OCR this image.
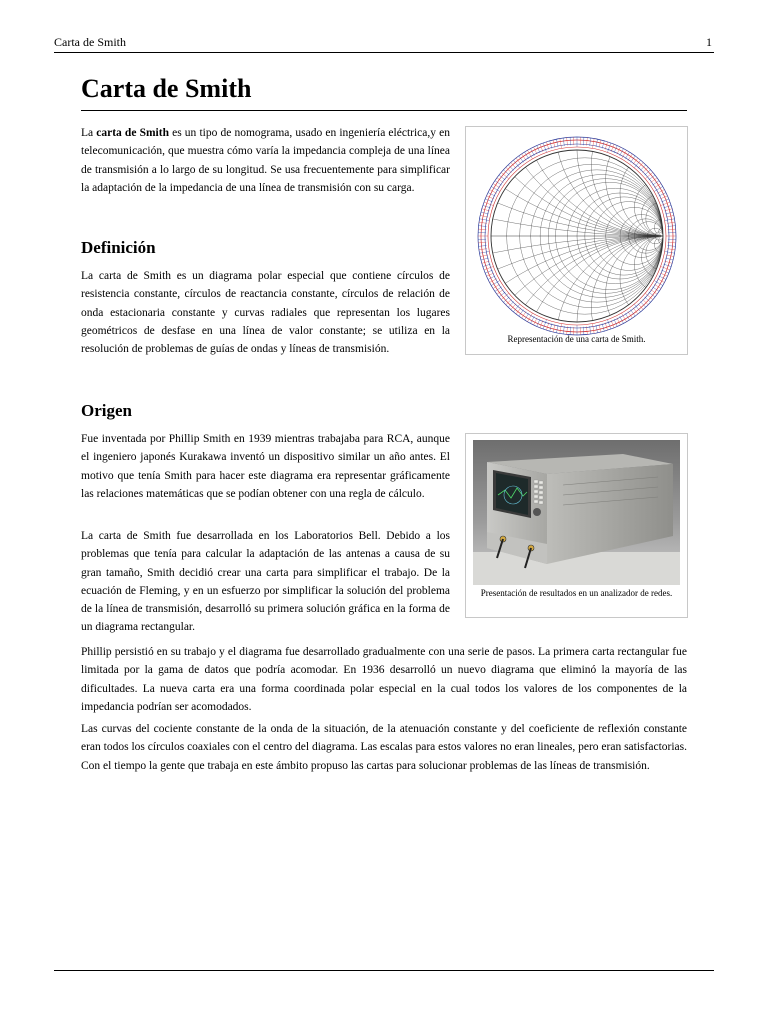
Carta de Smith	1
Carta de Smith

La carta de Smith es un tipo de nomograma, usado en ingeniería eléctrica,y en telecomunicación, que muestra cómo varía la impedancia compleja de una línea de transmisión a lo largo de su longitud. Se usa frecuentemente para simplificar la adaptación de la impedancia de una línea de transmisión con su carga.

Representación de una carta de Smith.
Definición

La carta de Smith es un diagrama polar especial que contiene círculos de resistencia constante, círculos de reactancia constante, círculos de relación de onda estacionaria constante y curvas radiales que representan los lugares geométricos de desfase en una línea de valor constante; se utiliza en la resolución de problemas de guías de ondas y líneas de transmisión.

Origen

Fue inventada por Phillip Smith en 1939 mientras trabajaba para RCA, aunque el ingeniero japonés Kurakawa inventó un dispositivo similar un año antes. El motivo que tenía Smith para hacer este diagrama era representar gráficamente las relaciones matemáticas que se podían obtener con una regla de cálculo.

La carta de Smith fue desarrollada en los Laboratorios Bell. Debido a los problemas que tenía para calcular la adaptación de las antenas a causa de su gran tamaño, Smith decidió crear una carta para simplificar el trabajo. De la ecuación de Fleming, y en un esfuerzo por simplificar la solución del problema de la línea de transmisión, desarrolló su primera solución gráfica en la forma de un diagrama rectangular.

Presentación de resultados en un analizador de redes.

Phillip persistió en su trabajo y el diagrama fue desarrollado gradualmente con una serie de pasos. La primera carta rectangular fue limitada por la gama de datos que podría acomodar. En 1936 desarrolló un nuevo diagrama que eliminó la mayoría de las dificultades. La nueva carta era una forma coordinada polar especial en la cual todos los valores de los componentes de la impedancia podrían ser acomodados.

Las curvas del cociente constante de la onda de la situación, de la atenuación constante y del coeficiente de reflexión constante eran todos los círculos coaxiales con el centro del diagrama. Las escalas para estos valores no eran lineales, pero eran satisfactorias. Con el tiempo la gente que trabaja en este ámbito propuso las cartas para solucionar problemas de las líneas de transmisión.
